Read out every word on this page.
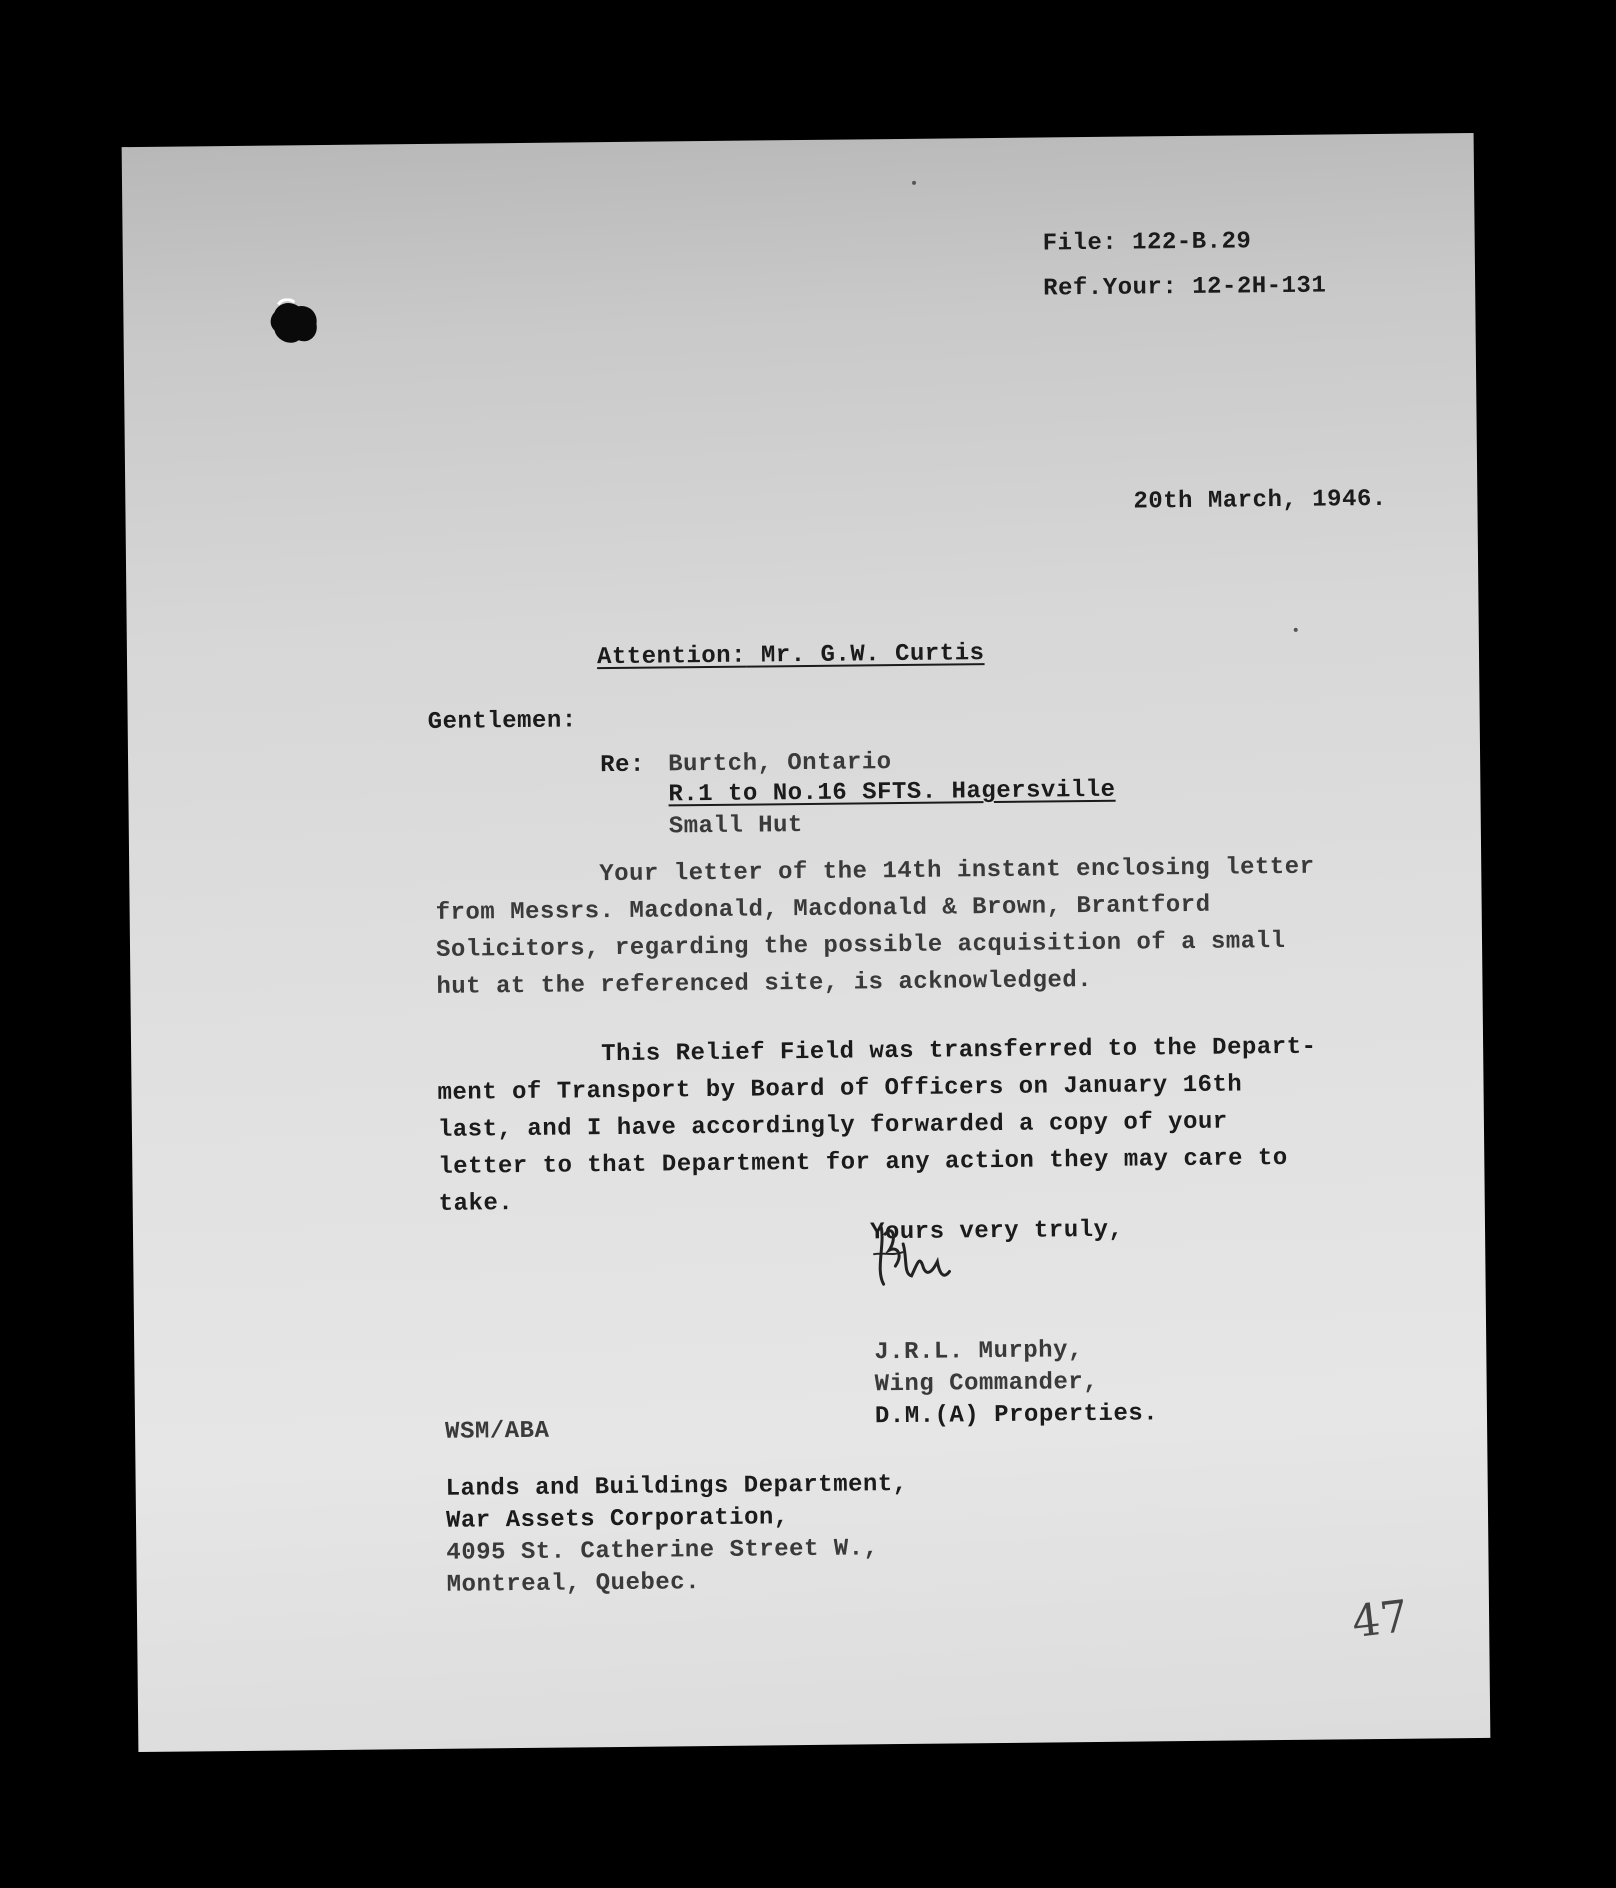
File: 122-B.29
Ref.Your: 12-2H-131
20th March, 1946.
Attention: Mr. G.W. Curtis
Gentlemen:
Re: Burtch, Ontario
R.1 to No.16 SFTS. Hagersville
Small Hut
Your letter of the 14th instant enclosing letter
from Messrs. Macdonald, Macdonald & Brown, Brantford
Solicitors, regarding the possible acquisition of a small
hut at the referenced site, is acknowledged.
This Relief Field was transferred to the Depart-
ment of Transport by Board of Officers on January 16th
last, and I have accordingly forwarded a copy of your
letter to that Department for any action they may care to
take.
Yours very truly,
J.R.L. Murphy,
Wing Commander,
D.M.(A) Properties.
WSM/ABA
Lands and Buildings Department,
War Assets Corporation,
4095 St. Catherine Street W.,
Montreal, Quebec.
47
